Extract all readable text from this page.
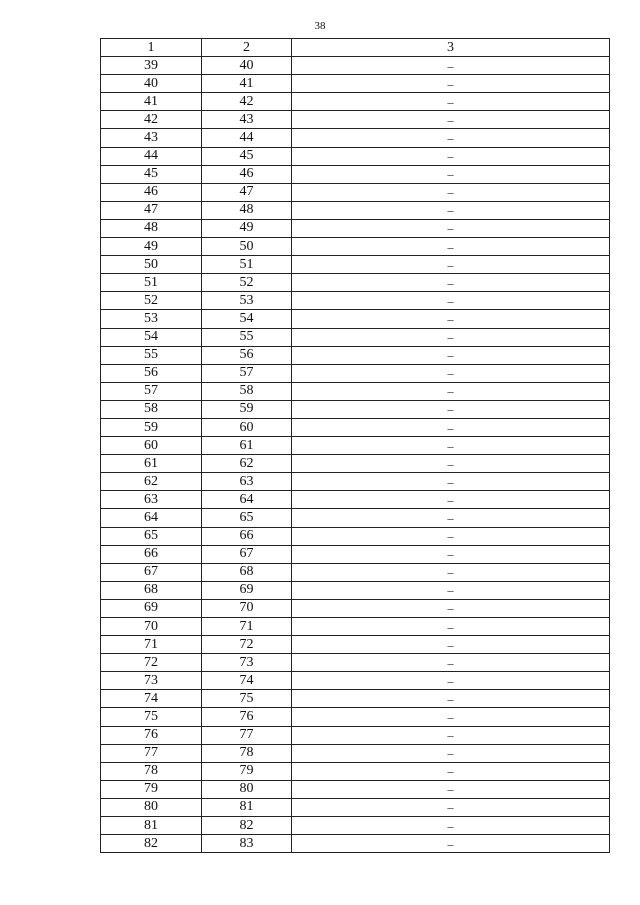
38
1	2	3
39	40	–
40	41	–
41	42	–
42	43	–
43	44	–
44	45	–
45	46	–
46	47	–
47	48	–
48	49	–
49	50	–
50	51	–
51	52	–
52	53	–
53	54	–
54	55	–
55	56	–
56	57	–
57	58	–
58	59	–
59	60	–
60	61	–
61	62	–
62	63	–
63	64	–
64	65	–
65	66	–
66	67	–
67	68	–
68	69	–
69	70	–
70	71	–
71	72	–
72	73	–
73	74	–
74	75	–
75	76	–
76	77	–
77	78	–
78	79	–
79	80	–
80	81	–
81	82	–
82	83	–
